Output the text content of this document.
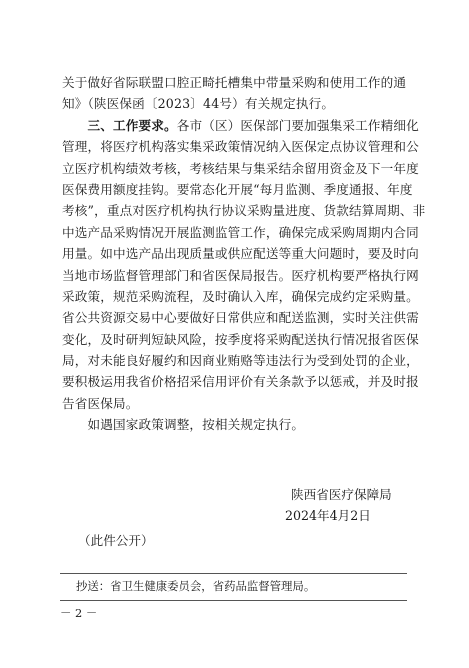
关于做好省际联盟口腔正畸托槽集中带量采购和使用工作的通
知》（陕医保函〔2023〕44号）有关规定执行。
　　三、工作要求。各市（区）医保部门要加强集采工作精细化
管理，将医疗机构落实集采政策情况纳入医保定点协议管理和公
立医疗机构绩效考核，考核结果与集采结余留用资金及下一年度
医保费用额度挂钩。要常态化开展“每月监测、季度通报、年度
考核”，重点对医疗机构执行协议采购量进度、货款结算周期、非
中选产品采购情况开展监测监管工作，确保完成采购周期内合同
用量。如中选产品出现质量或供应配送等重大问题时，要及时向
当地市场监督管理部门和省医保局报告。医疗机构要严格执行网
采政策，规范采购流程，及时确认入库，确保完成约定采购量。
省公共资源交易中心要做好日常供应和配送监测，实时关注供需
变化，及时研判短缺风险，按季度将采购配送执行情况报省医保
局，对未能良好履约和因商业贿赂等违法行为受到处罚的企业，
要积极运用我省价格招采信用评价有关条款予以惩戒，并及时报
告省医保局。
　　如遇国家政策调整，按相关规定执行。
陕西省医疗保障局
2024年4月2日
（此件公开）
抄送：省卫生健康委员会，省药品监督管理局。
－ 2 －
